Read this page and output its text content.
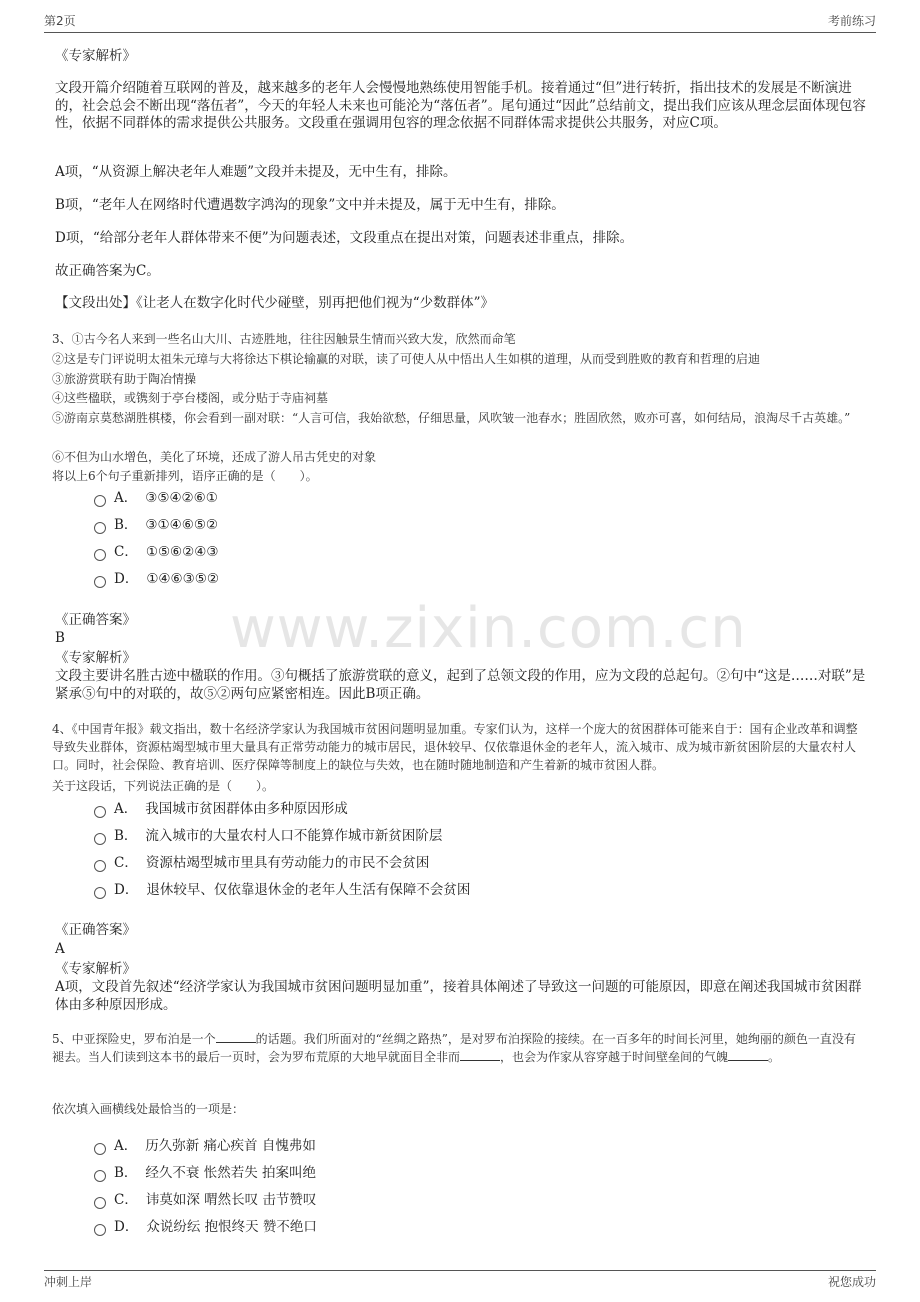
第2页	考前练习
www.zixin.com.cn
《专家解析》
文段开篇介绍随着互联网的普及，越来越多的老年人会慢慢地熟练使用智能手机。接着通过“但”进行转折，指出技术的发展是不断演进的，社会总会不断出现“落伍者”，今天的年轻人未来也可能沦为“落伍者”。尾句通过“因此”总结前文，提出我们应该从理念层面体现包容性，依据不同群体的需求提供公共服务。文段重在强调用包容的理念依据不同群体需求提供公共服务，对应C项。
A项，“从资源上解决老年人难题”文段并未提及，无中生有，排除。
B项，“老年人在网络时代遭遇数字鸿沟的现象”文中并未提及，属于无中生有，排除。
D项，“给部分老年人群体带来不便”为问题表述，文段重点在提出对策，问题表述非重点，排除。
故正确答案为C。
【文段出处】《让老人在数字化时代少碰壁，别再把他们视为“少数群体”》
3、①古今名人来到一些名山大川、古迹胜地，往往因触景生情而兴致大发，欣然而命笔
②这是专门评说明太祖朱元璋与大将徐达下棋论输赢的对联，读了可使人从中悟出人生如棋的道理，从而受到胜败的教育和哲理的启迪
③旅游赏联有助于陶冶情操
④这些楹联，或镌刻于亭台楼阁，或分贴于寺庙祠墓
⑤游南京莫愁湖胜棋楼，你会看到一副对联：“人言可信，我始欲愁，仔细思量，风吹皱一池春水；胜固欣然，败亦可喜，如何结局，浪淘尽千古英雄。”
⑥不但为山水增色，美化了环境，还成了游人吊古凭史的对象
将以上6个句子重新排列，语序正确的是（　　）。
A． ③⑤④②⑥①
B． ③①④⑥⑤②
C． ①⑤⑥②④③
D． ①④⑥③⑤②
《正确答案》
B
《专家解析》
文段主要讲名胜古迹中楹联的作用。③句概括了旅游赏联的意义，起到了总领文段的作用，应为文段的总起句。②句中“这是……对联”是紧承⑤句中的对联的，故⑤②两句应紧密相连。因此B项正确。
4、《中国青年报》载文指出，数十名经济学家认为我国城市贫困问题明显加重。专家们认为，这样一个庞大的贫困群体可能来自于：国有企业改革和调整导致失业群体，资源枯竭型城市里大量具有正常劳动能力的城市居民，退休较早、仅依靠退休金的老年人，流入城市、成为城市新贫困阶层的大量农村人口。同时，社会保险、教育培训、医疗保障等制度上的缺位与失效，也在随时随地制造和产生着新的城市贫困人群。
关于这段话，下列说法正确的是（　　）。
A． 我国城市贫困群体由多种原因形成
B． 流入城市的大量农村人口不能算作城市新贫困阶层
C． 资源枯竭型城市里具有劳动能力的市民不会贫困
D． 退休较早、仅依靠退休金的老年人生活有保障不会贫困
《正确答案》
A
《专家解析》
A项，文段首先叙述“经济学家认为我国城市贫困问题明显加重”，接着具体阐述了导致这一问题的可能原因，即意在阐述我国城市贫困群体由多种原因形成。
5、中亚探险史，罗布泊是一个	的话题。我们所面对的“丝绸之路热”，是对罗布泊探险的接续。在一百多年的时间长河里，她绚丽的颜色一直没有褪去。当人们读到这本书的最后一页时，会为罗布荒原的大地早就面目全非而	，也会为作家从容穿越于时间壁垒间的气魄	。
依次填入画横线处最恰当的一项是：
A． 历久弥新 痛心疾首 自愧弗如
B． 经久不衰 怅然若失 拍案叫绝
C． 讳莫如深 喟然长叹 击节赞叹
D． 众说纷纭 抱恨终天 赞不绝口
冲刺上岸	祝您成功
